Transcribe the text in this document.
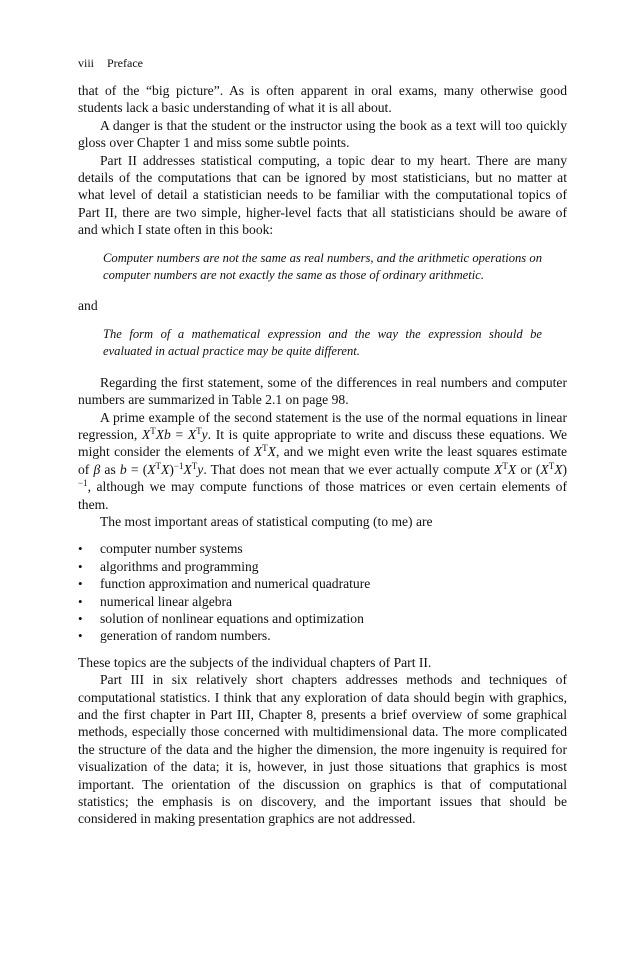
viii Preface

that of the “big picture”. As is often apparent in oral exams, many otherwise good students lack a basic understanding of what it is all about.

A danger is that the student or the instructor using the book as a text will too quickly gloss over Chapter 1 and miss some subtle points.

Part II addresses statistical computing, a topic dear to my heart. There are many details of the computations that can be ignored by most statisticians, but no matter at what level of detail a statistician needs to be familiar with the computational topics of Part II, there are two simple, higher-level facts that all statisticians should be aware of and which I state often in this book:

Computer numbers are not the same as real numbers, and the arithmetic operations on computer numbers are not exactly the same as those of ordinary arithmetic.

and

The form of a mathematical expression and the way the expression should be evaluated in actual practice may be quite different.

Regarding the first statement, some of the differences in real numbers and computer numbers are summarized in Table 2.1 on page 98.

A prime example of the second statement is the use of the normal equations in linear regression, $X^TXb = X^Ty$. It is quite appropriate to write and discuss these equations. We might consider the elements of $X^TX$, and we might even write the least squares estimate of β as $b = (X^TX)^{-1}X^Ty$. That does not mean that we ever actually compute $X^TX$ or $(X^TX)^{-1}$, although we may compute functions of those matrices or even certain elements of them.

The most important areas of statistical computing (to me) are

• computer number systems
• algorithms and programming
• function approximation and numerical quadrature
• numerical linear algebra
• solution of nonlinear equations and optimization
• generation of random numbers.

These topics are the subjects of the individual chapters of Part II.

Part III in six relatively short chapters addresses methods and techniques of computational statistics. I think that any exploration of data should begin with graphics, and the first chapter in Part III, Chapter 8, presents a brief overview of some graphical methods, especially those concerned with multidimensional data. The more complicated the structure of the data and the higher the dimension, the more ingenuity is required for visualization of the data; it is, however, in just those situations that graphics is most important. The orientation of the discussion on graphics is that of computational statistics; the emphasis is on discovery, and the important issues that should be considered in making presentation graphics are not addressed.
